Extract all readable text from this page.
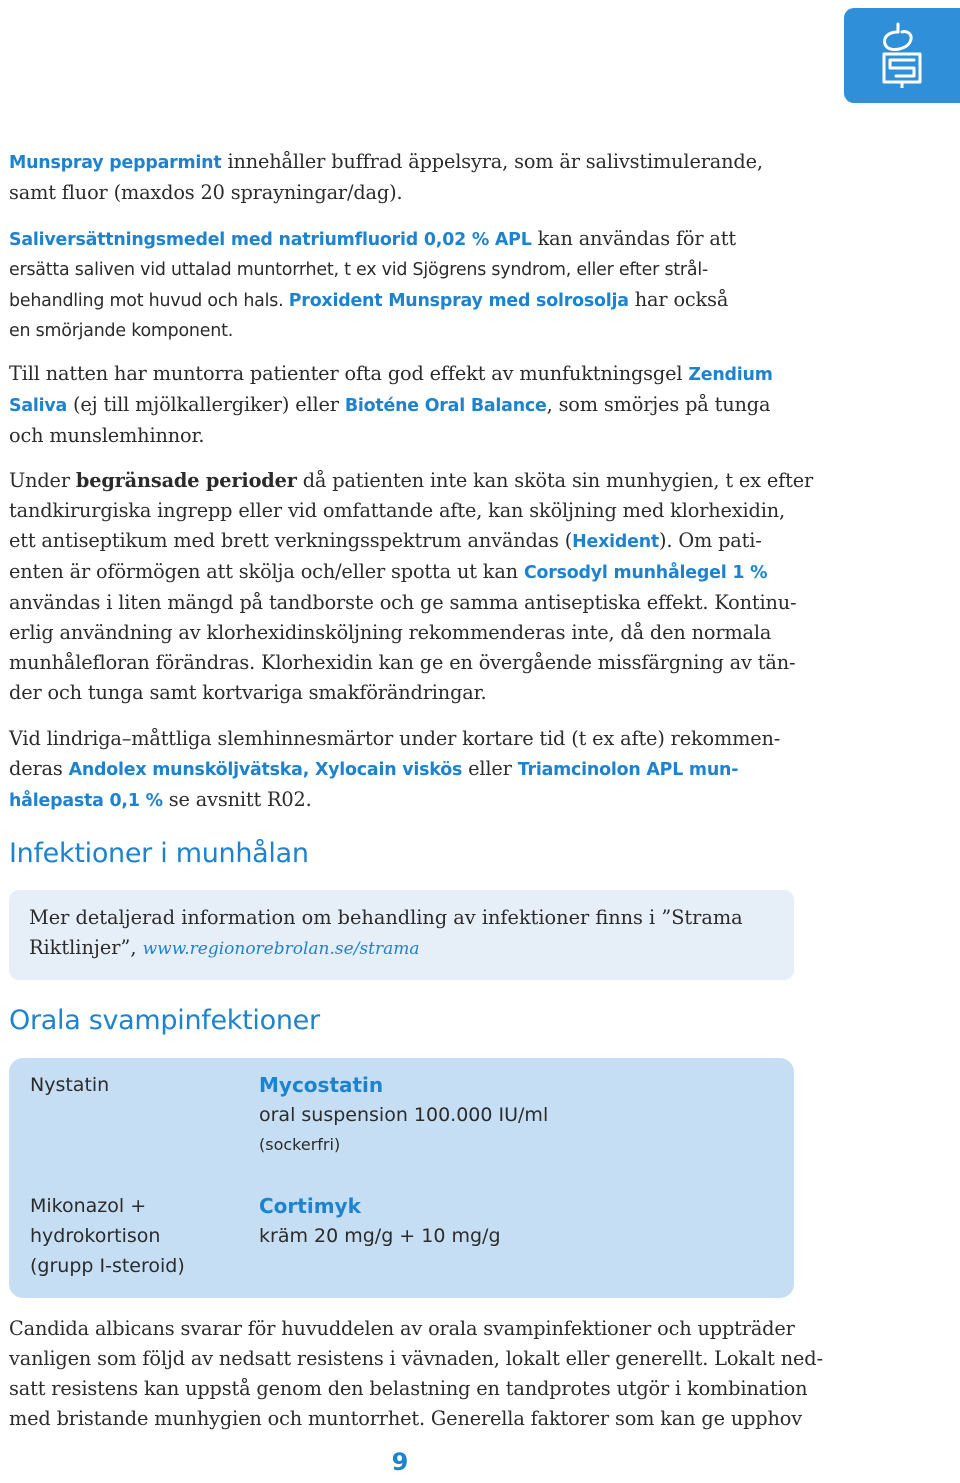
Munspray pepparmint innehåller buffrad äppelsyra, som är salivstimulerande,
samt fluor (maxdos 20 sprayningar/dag).

Saliversättningsmedel med natriumfluorid 0,02 % APL kan användas för att
ersätta saliven vid uttalad muntorrhet, t ex vid Sjögrens syndrom, eller efter strål-
behandling mot huvud och hals. Proxident Munspray med solrosolja har också
en smörjande komponent.

Till natten har muntorra patienter ofta god effekt av munfuktningsgel Zendium
Saliva (ej till mjölkallergiker) eller Bioténe Oral Balance, som smörjes på tunga
och munslemhinnor.

Under begränsade perioder då patienten inte kan sköta sin munhygien, t ex efter
tandkirurgiska ingrepp eller vid omfattande afte, kan sköljning med klorhexidin,
ett antiseptikum med brett verkningsspektrum användas (Hexident). Om pati-
enten är oförmögen att skölja och/eller spotta ut kan Corsodyl munhålegel 1 %
användas i liten mängd på tandborste och ge samma antiseptiska effekt. Kontinu-
erlig användning av klorhexidinsköljning rekommenderas inte, då den normala
munhålefloran förändras. Klorhexidin kan ge en övergående missfärgning av tän-
der och tunga samt kortvariga smakförändringar.

Vid lindriga–måttliga slemhinnesmärtor under kortare tid (t ex afte) rekommen-
deras Andolex munsköljvätska, Xylocain viskös eller Triamcinolon APL mun-
hålepasta 0,1 % se avsnitt R02.

Infektioner i munhålan
Mer detaljerad information om behandling av infektioner finns i ”Strama
Riktlinjer”, www.regionorebrolan.se/strama
Orala svampinfektioner
Nystatin	Mycostatin
oral suspension 100.000 IU/ml
(sockerfri)
Mikonazol +
hydrokortison
(grupp I-steroid)
Cortimyk
kräm 20 mg/g + 10 mg/g

Candida albicans svarar för huvuddelen av orala svampinfektioner och uppträder
vanligen som följd av nedsatt resistens i vävnaden, lokalt eller generellt. Lokalt ned-
satt resistens kan uppstå genom den belastning en tandprotes utgör i kombination
med bristande munhygien och muntorrhet. Generella faktorer som kan ge upphov

9
